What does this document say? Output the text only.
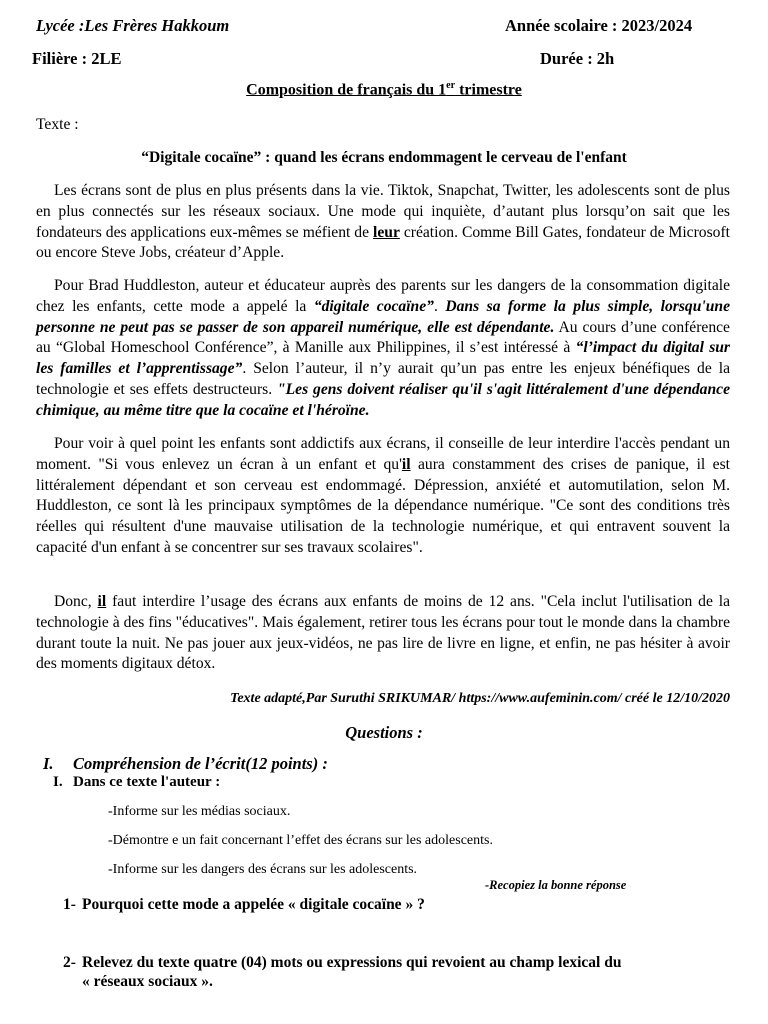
Lycée :Les Frères Hakkoum	Année scolaire : 2023/2024
Filière : 2LE	Durée : 2h
Composition de français du 1er trimestre
Texte :
“Digitale cocaïne” : quand les écrans endommagent le cerveau de l'enfant

Les écrans sont de plus en plus présents dans la vie. Tiktok, Snapchat, Twitter, les adolescents sont de plus en plus connectés sur les réseaux sociaux. Une mode qui inquiète, d’autant plus lorsqu’on sait que les fondateurs des applications eux-mêmes se méfient de leur création. Comme Bill Gates, fondateur de Microsoft ou encore Steve Jobs, créateur d’Apple.

Pour Brad Huddleston, auteur et éducateur auprès des parents sur les dangers de la consommation digitale chez les enfants, cette mode a appelé la “digitale cocaïne”. Dans sa forme la plus simple, lorsqu'une personne ne peut pas se passer de son appareil numérique, elle est dépendante. Au cours d’une conférence au “Global Homeschool Conférence”, à Manille aux Philippines, il s’est intéressé à “l’impact du digital sur les familles et l’apprentissage”. Selon l’auteur, il n’y aurait qu’un pas entre les enjeux bénéfiques de la technologie et ses effets destructeurs. "Les gens doivent réaliser qu'il s'agit littéralement d'une dépendance chimique, au même titre que la cocaïne et l'héroïne.

Pour voir à quel point les enfants sont addictifs aux écrans, il conseille de leur interdire l'accès pendant un moment. "Si vous enlevez un écran à un enfant et qu'il aura constamment des crises de panique, il est littéralement dépendant et son cerveau est endommagé. Dépression, anxiété et automutilation, selon M. Huddleston, ce sont là les principaux symptômes de la dépendance numérique. "Ce sont des conditions très réelles qui résultent d'une mauvaise utilisation de la technologie numérique, et qui entravent souvent la capacité d'un enfant à se concentrer sur ses travaux scolaires".

Donc, il faut interdire l’usage des écrans aux enfants de moins de 12 ans. "Cela inclut l'utilisation de la technologie à des fins "éducatives". Mais également, retirer tous les écrans pour tout le monde dans la chambre durant toute la nuit. Ne pas jouer aux jeux-vidéos, ne pas lire de livre en ligne, et enfin, ne pas hésiter à avoir des moments digitaux détox.

Texte adapté,Par Suruthi SRIKUMAR/ https://www.aufeminin.com/ créé le 12/10/2020
Questions :
I. Compréhension de l’écrit(12 points) :
I. Dans ce texte l'auteur :
-Informe sur les médias sociaux.
-Démontre e un fait concernant l’effet des écrans sur les adolescents.
-Informe sur les dangers des écrans sur les adolescents.
-Recopiez la bonne réponse
1- Pourquoi cette mode a appelée « digitale cocaïne » ?
2- Relevez du texte quatre (04) mots ou expressions qui revoient au champ lexical du
« réseaux sociaux ».
